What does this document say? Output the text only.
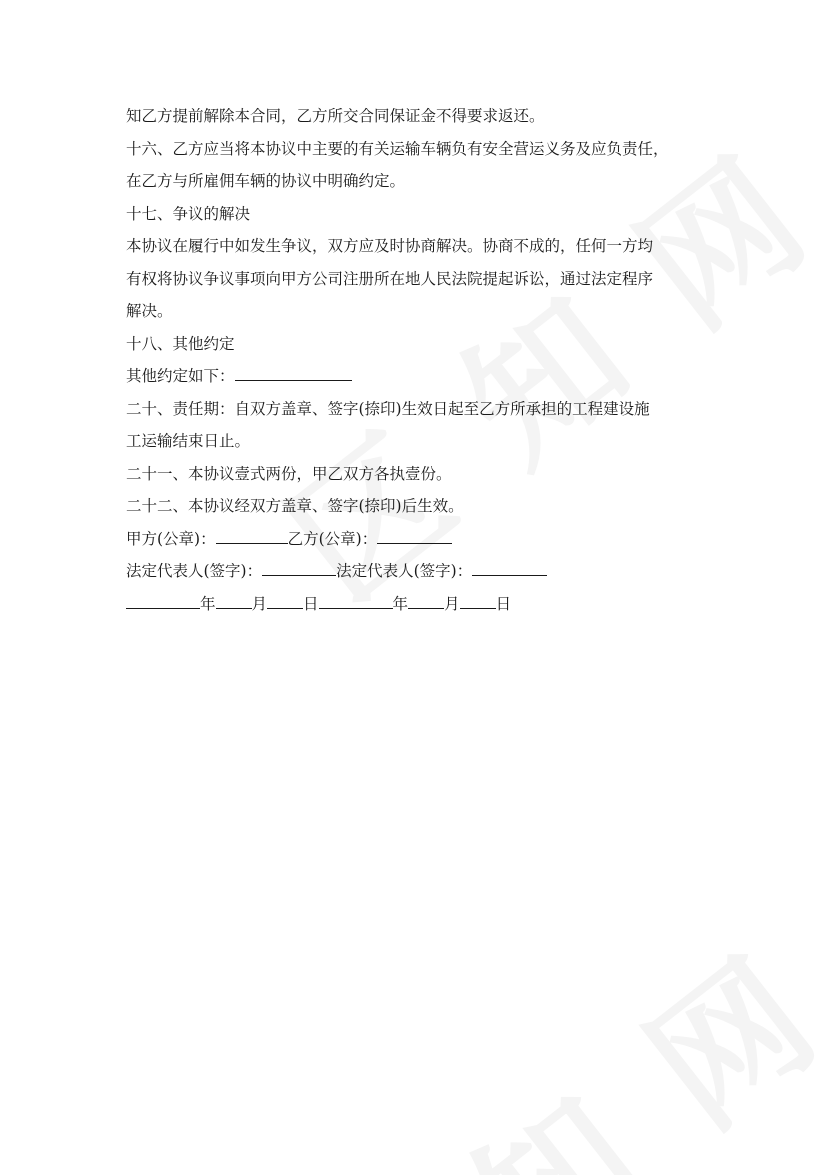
知乙方提前解除本合同，乙方所交合同保证金不得要求返还。

十六、乙方应当将本协议中主要的有关运输车辆负有安全营运义务及应负责任，

在乙方与所雇佣车辆的协议中明确约定。

十七、争议的解决

本协议在履行中如发生争议，双方应及时协商解决。协商不成的，任何一方均

有权将协议争议事项向甲方公司注册所在地人民法院提起诉讼，通过法定程序

解决。

十八、其他约定

其他约定如下：

二十、责任期：自双方盖章、签字(捺印)生效日起至乙方所承担的工程建设施

工运输结束日止。

二十一、本协议壹式两份，甲乙双方各执壹份。

二十二、本协议经双方盖章、签字(捺印)后生效。

甲方(公章)：	乙方(公章)：

法定代表人(签字)：	法定代表人(签字)：

年 月 日	年 月 日
